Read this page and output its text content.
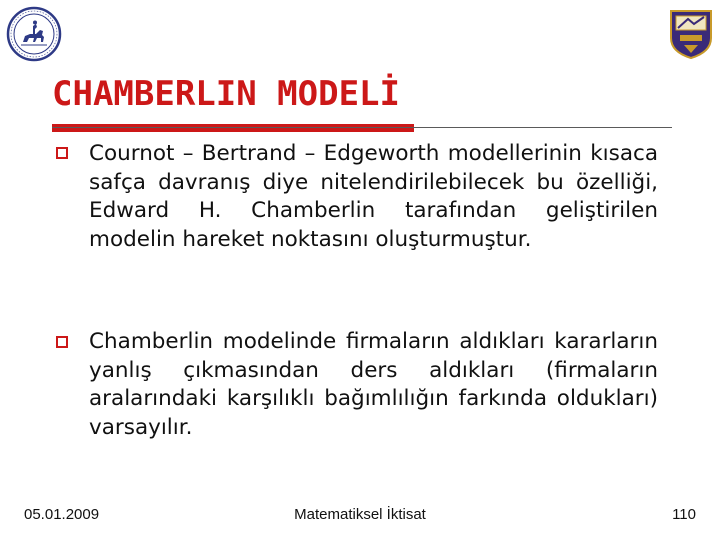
CHAMBERLIN MODELİ

Cournot – Bertrand – Edgeworth modellerinin kısaca safça davranış diye nitelendirilebilecek bu özelliği, Edward H. Chamberlin tarafından geliştirilen modelin hareket noktasını oluşturmuştur.

Chamberlin modelinde firmaların aldıkları kararların yanlış çıkmasından ders aldıkları (firmaların aralarındaki karşılıklı bağımlılığın farkında oldukları) varsayılır.

05.01.2009	Matematiksel İktisat	110
